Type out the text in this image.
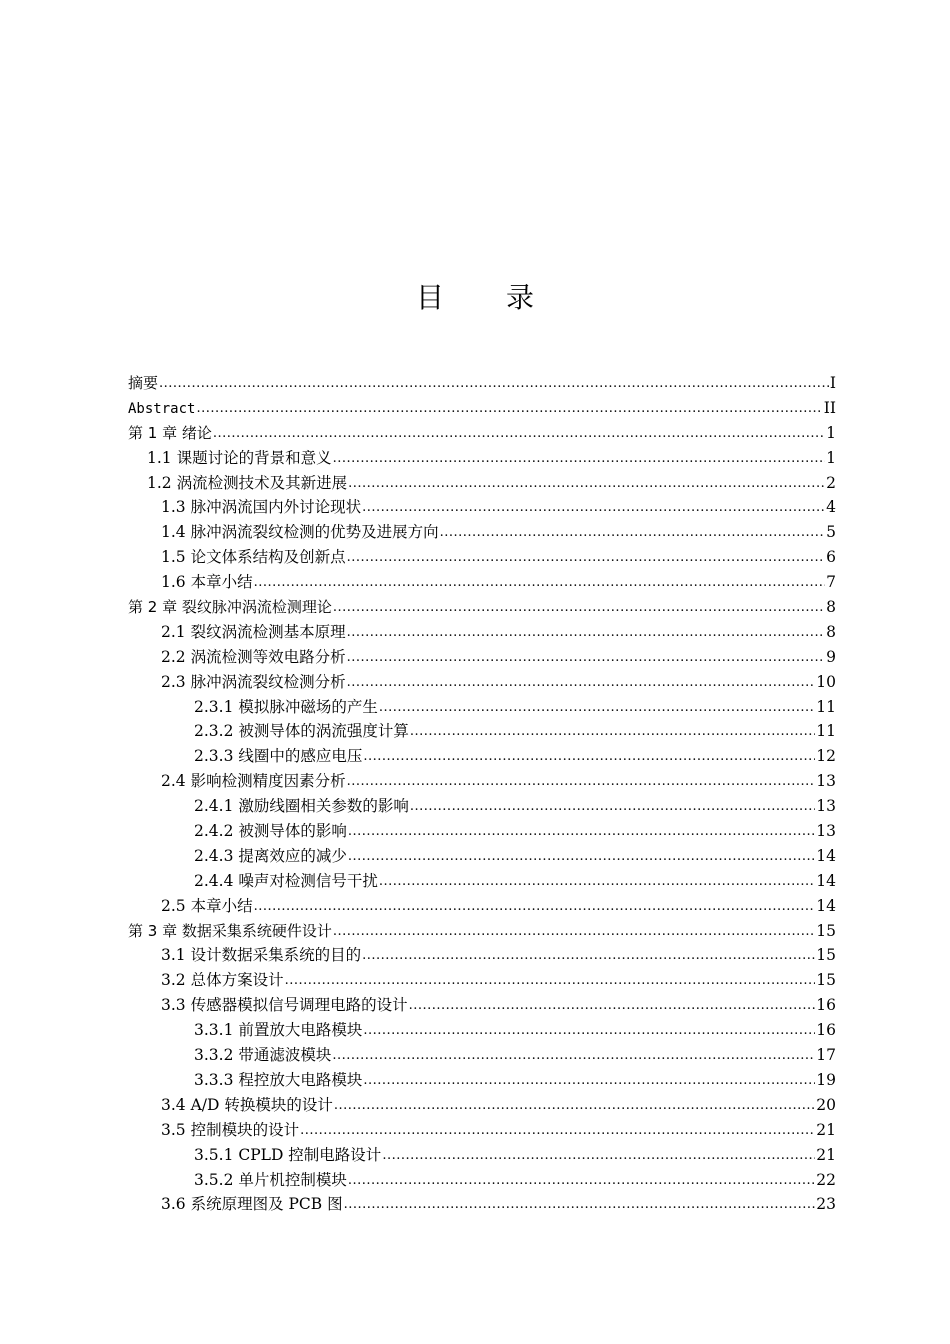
目 录
摘要 .....	I
Abstract .....	II
第 1 章 绪论 .....	1
1.1 课题讨论的背景和意义 .....	1
1.2 涡流检测技术及其新进展 .....	2
1.3 脉冲涡流国内外讨论现状 .....	4
1.4 脉冲涡流裂纹检测的优势及进展方向 .....	5
1.5 论文体系结构及创新点 .....	6
1.6 本章小结 .....	7
第 2 章 裂纹脉冲涡流检测理论 .....	8
2.1 裂纹涡流检测基本原理 .....	8
2.2 涡流检测等效电路分析 .....	9
2.3 脉冲涡流裂纹检测分析 .....	10
2.3.1 模拟脉冲磁场的产生 .....	11
2.3.2 被测导体的涡流强度计算 .....	11
2.3.3 线圈中的感应电压 .....	12
2.4 影响检测精度因素分析 .....	13
2.4.1 激励线圈相关参数的影响 .....	13
2.4.2 被测导体的影响 .....	13
2.4.3 提离效应的减少 .....	14
2.4.4 噪声对检测信号干扰 .....	14
2.5 本章小结 .....	14
第 3 章 数据采集系统硬件设计 .....	15
3.1 设计数据采集系统的目的 .....	15
3.2 总体方案设计 .....	15
3.3 传感器模拟信号调理电路的设计 .....	16
3.3.1 前置放大电路模块 .....	16
3.3.2 带通滤波模块 .....	17
3.3.3 程控放大电路模块 .....	19
3.4 A/D 转换模块的设计 .....	20
3.5 控制模块的设计 .....	21
3.5.1 CPLD 控制电路设计 .....	21
3.5.2 单片机控制模块 .....	22
3.6 系统原理图及 PCB 图 .....	23
